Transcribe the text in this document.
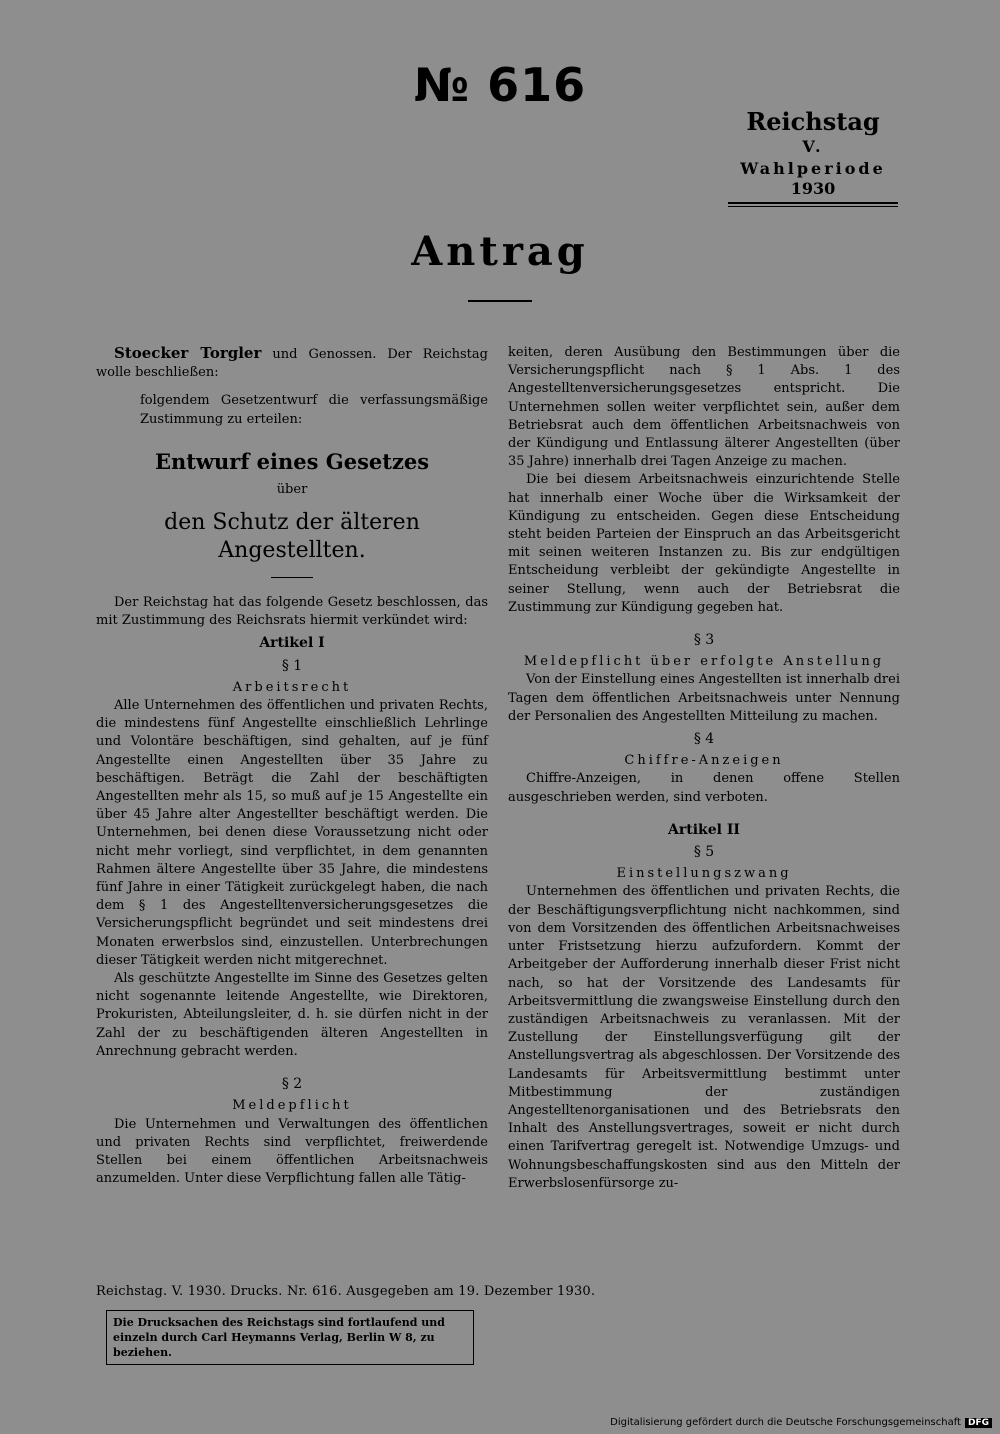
№ 616
Reichstag
V. Wahlperiode
1930
Antrag

Stoecker Torgler und Genossen. Der Reichstag wolle beschließen:

folgendem Gesetzentwurf die verfassungsmäßige Zustimmung zu erteilen:

Entwurf eines Gesetzes

über

den Schutz der älteren Angestellten.

Der Reichstag hat das folgende Gesetz beschlossen, das mit Zustimmung des Reichsrats hiermit verkündet wird:

Artikel I

§ 1

Arbeitsrecht

Alle Unternehmen des öffentlichen und privaten Rechts, die mindestens fünf Angestellte einschließlich Lehrlinge und Volontäre beschäftigen, sind gehalten, auf je fünf Angestellte einen Angestellten über 35 Jahre zu beschäftigen. Beträgt die Zahl der beschäftigten Angestellten mehr als 15, so muß auf je 15 Angestellte ein über 45 Jahre alter Angestellter beschäftigt werden. Die Unternehmen, bei denen diese Voraussetzung nicht oder nicht mehr vorliegt, sind verpflichtet, in dem genannten Rahmen ältere Angestellte über 35 Jahre, die mindestens fünf Jahre in einer Tätigkeit zurückgelegt haben, die nach dem § 1 des Angestelltenversicherungsgesetzes die Versicherungspflicht begründet und seit mindestens drei Monaten erwerbslos sind, einzustellen. Unterbrechungen dieser Tätigkeit werden nicht mitgerechnet.

Als geschützte Angestellte im Sinne des Gesetzes gelten nicht sogenannte leitende Angestellte, wie Direktoren, Prokuristen, Abteilungsleiter, d. h. sie dürfen nicht in der Zahl der zu beschäftigenden älteren Angestellten in Anrechnung gebracht werden.

§ 2

Meldepflicht

Die Unternehmen und Verwaltungen des öffentlichen und privaten Rechts sind verpflichtet, freiwerdende Stellen bei einem öffentlichen Arbeitsnachweis anzumelden. Unter diese Verpflichtung fallen alle Tätig-

keiten, deren Ausübung den Bestimmungen über die Versicherungspflicht nach § 1 Abs. 1 des Angestelltenversicherungsgesetzes entspricht. Die Unternehmen sollen weiter verpflichtet sein, außer dem Betriebsrat auch dem öffentlichen Arbeitsnachweis von der Kündigung und Entlassung älterer Angestellten (über 35 Jahre) innerhalb drei Tagen Anzeige zu machen.

Die bei diesem Arbeitsnachweis einzurichtende Stelle hat innerhalb einer Woche über die Wirksamkeit der Kündigung zu entscheiden. Gegen diese Entscheidung steht beiden Parteien der Einspruch an das Arbeitsgericht mit seinen weiteren Instanzen zu. Bis zur endgültigen Entscheidung verbleibt der gekündigte Angestellte in seiner Stellung, wenn auch der Betriebsrat die Zustimmung zur Kündigung gegeben hat.

§ 3

Meldepflicht über erfolgte Anstellung

Von der Einstellung eines Angestellten ist innerhalb drei Tagen dem öffentlichen Arbeitsnachweis unter Nennung der Personalien des Angestellten Mitteilung zu machen.

§ 4

Chiffre-Anzeigen

Chiffre-Anzeigen, in denen offene Stellen ausgeschrieben werden, sind verboten.

Artikel II

§ 5

Einstellungszwang

Unternehmen des öffentlichen und privaten Rechts, die der Beschäftigungsverpflichtung nicht nachkommen, sind von dem Vorsitzenden des öffentlichen Arbeitsnachweises unter Fristsetzung hierzu aufzufordern. Kommt der Arbeitgeber der Aufforderung innerhalb dieser Frist nicht nach, so hat der Vorsitzende des Landesamts für Arbeitsvermittlung die zwangsweise Einstellung durch den zuständigen Arbeitsnachweis zu veranlassen. Mit der Zustellung der Einstellungsverfügung gilt der Anstellungsvertrag als abgeschlossen. Der Vorsitzende des Landesamts für Arbeitsvermittlung bestimmt unter Mitbestimmung der zuständigen Angestelltenorganisationen und des Betriebsrats den Inhalt des Anstellungsvertrages, soweit er nicht durch einen Tarifvertrag geregelt ist. Notwendige Umzugs- und Wohnungsbeschaffungskosten sind aus den Mitteln der Erwerbslosenfürsorge zu-

Reichstag. V. 1930. Drucks. Nr. 616. Ausgegeben am 19. Dezember 1930.
Die Drucksachen des Reichstags sind fortlaufend und einzeln durch Carl Heymanns Verlag, Berlin W 8, zu beziehen.
Digitalisierung gefördert durch die Deutsche Forschungsgemeinschaft DFG
